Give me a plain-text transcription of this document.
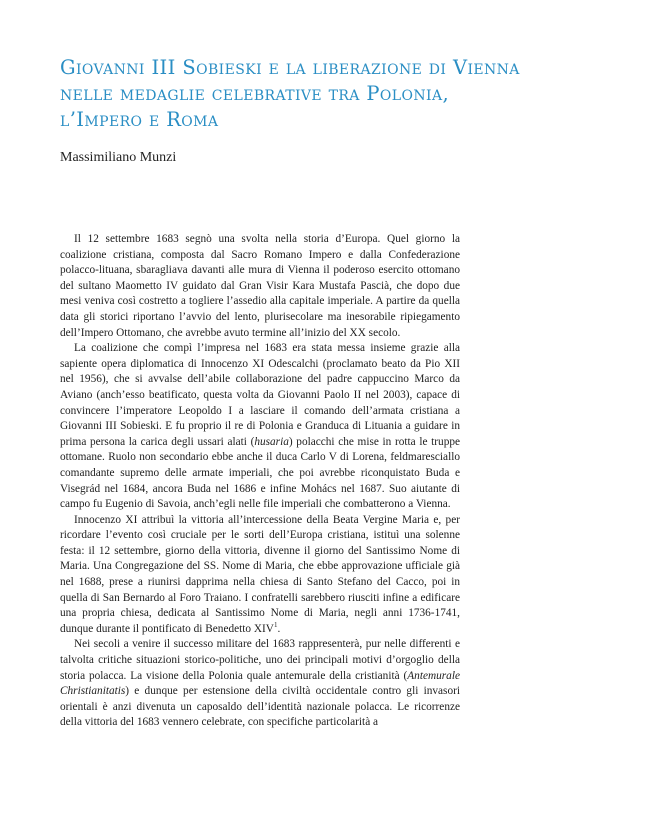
Giovanni III Sobieski e la liberazione di Vienna
nelle medaglie celebrative tra Polonia,
l’Impero e Roma
Massimiliano Munzi

Il 12 settembre 1683 segnò una svolta nella storia d’Europa. Quel giorno la coalizione cristiana, composta dal Sacro Romano Impero e dalla Confederazione polacco-lituana, sbaragliava davanti alle mura di Vienna il poderoso esercito ottomano del sultano Maometto IV guidato dal Gran Visir Kara Mustafa Pascià, che dopo due mesi veniva così costretto a togliere l’assedio alla capitale imperiale. A partire da quella data gli storici riportano l’avvio del lento, plurisecolare ma inesorabile ripiegamento dell’Impero Ottomano, che avrebbe avuto termine all’inizio del XX secolo.

La coalizione che compì l’impresa nel 1683 era stata messa insieme grazie alla sapiente opera diplomatica di Innocenzo XI Odescalchi (proclamato beato da Pio XII nel 1956), che si avvalse dell’abile collaborazione del padre cappuccino Marco da Aviano (anch’esso beatificato, questa volta da Giovanni Paolo II nel 2003), capace di convincere l’imperatore Leopoldo I a lasciare il comando dell’armata cristiana a Giovanni III Sobieski. E fu proprio il re di Polonia e Granduca di Lituania a guidare in prima persona la carica degli ussari alati (husaria) polacchi che mise in rotta le truppe ottomane. Ruolo non secondario ebbe anche il duca Carlo V di Lorena, feldmaresciallo comandante supremo delle armate imperiali, che poi avrebbe riconquistato Buda e Visegrád nel 1684, ancora Buda nel 1686 e infine Mohács nel 1687. Suo aiutante di campo fu Eugenio di Savoia, anch’egli nelle file imperiali che combatterono a Vienna.

Innocenzo XI attribuì la vittoria all’intercessione della Beata Vergine Maria e, per ricordare l’evento così cruciale per le sorti dell’Europa cristiana, istituì una solenne festa: il 12 settembre, giorno della vittoria, divenne il giorno del Santissimo Nome di Maria. Una Congregazione del SS. Nome di Maria, che ebbe approvazione ufficiale già nel 1688, prese a riunirsi dapprima nella chiesa di Santo Stefano del Cacco, poi in quella di San Bernardo al Foro Traiano. I confratelli sarebbero riusciti infine a edificare una propria chiesa, dedicata al Santissimo Nome di Maria, negli anni 1736-1741, dunque durante il pontificato di Benedetto XIV$^1$.

Nei secoli a venire il successo militare del 1683 rappresenterà, pur nelle differenti e talvolta critiche situazioni storico-politiche, uno dei principali motivi d’orgoglio della storia polacca. La visione della Polonia quale antemurale della cristianità (Antemurale Christianitatis) e dunque per estensione della civiltà occidentale contro gli invasori orientali è anzi divenuta un caposaldo dell’identità nazionale polacca. Le ricorrenze della vittoria del 1683 vennero celebrate, con specifiche particolarità a
